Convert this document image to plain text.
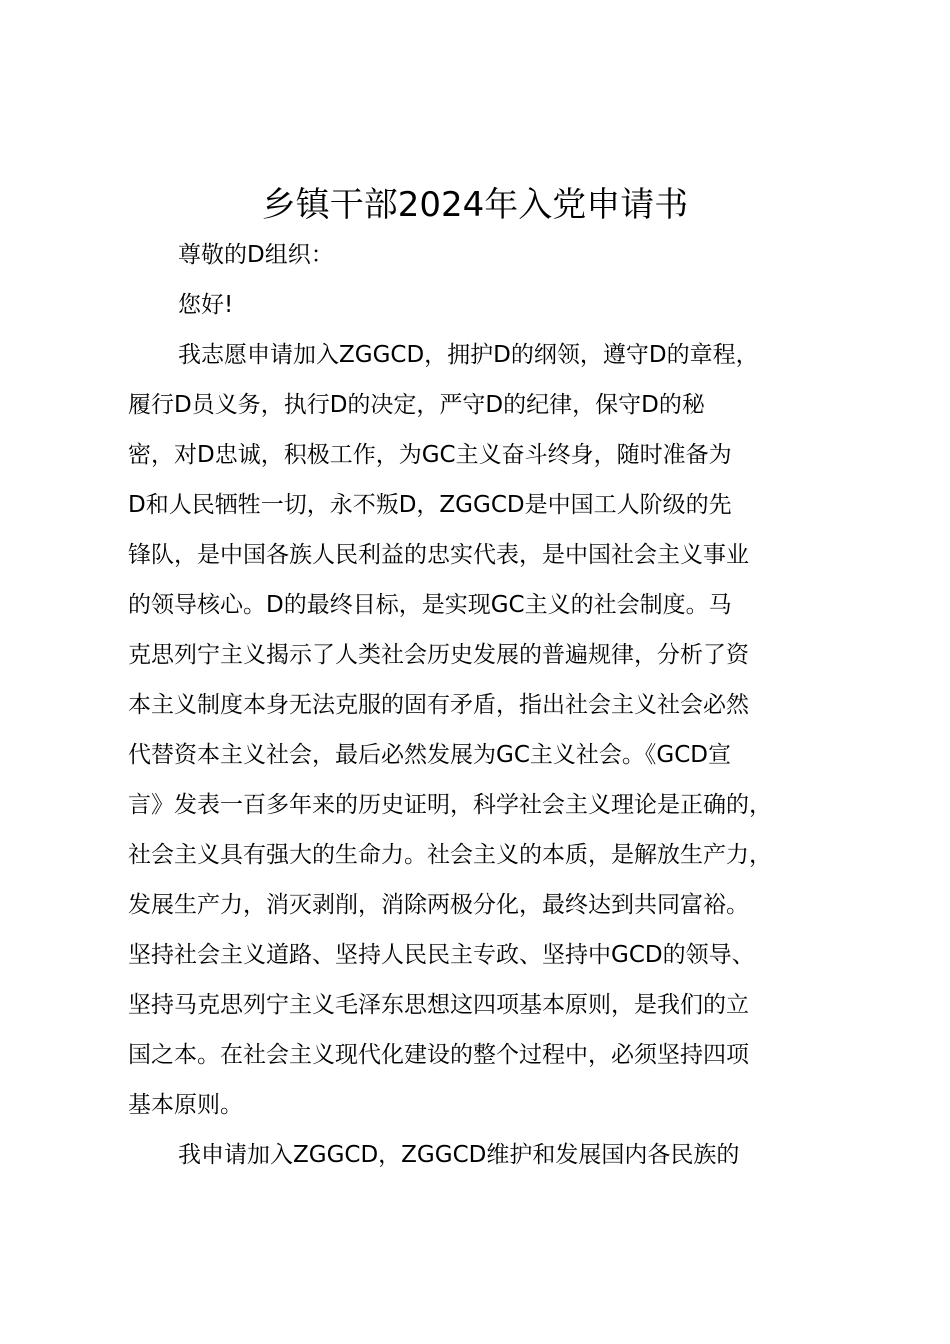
乡镇干部2024年入党申请书
尊敬的D组织：
您好!

我志愿申请加入ZGGCD，拥护D的纲领，遵守D的章程，
履行D员义务，执行D的决定，严守D的纪律，保守D的秘
密，对D忠诚，积极工作，为GC主义奋斗终身，随时准备为
D和人民牺牲一切，永不叛D，ZGGCD是中国工人阶级的先
锋队，是中国各族人民利益的忠实代表，是中国社会主义事业
的领导核心。D的最终目标，是实现GC主义的社会制度。马
克思列宁主义揭示了人类社会历史发展的普遍规律，分析了资
本主义制度本身无法克服的固有矛盾，指出社会主义社会必然
代替资本主义社会，最后必然发展为GC主义社会。《GCD宣
言》发表一百多年来的历史证明，科学社会主义理论是正确的，
社会主义具有强大的生命力。社会主义的本质，是解放生产力，
发展生产力，消灭剥削，消除两极分化，最终达到共同富裕。
坚持社会主义道路、坚持人民民主专政、坚持中GCD的领导、
坚持马克思列宁主义毛泽东思想这四项基本原则，是我们的立
国之本。在社会主义现代化建设的整个过程中，必须坚持四项
基本原则。

我申请加入ZGGCD，ZGGCD维护和发展国内各民族的
